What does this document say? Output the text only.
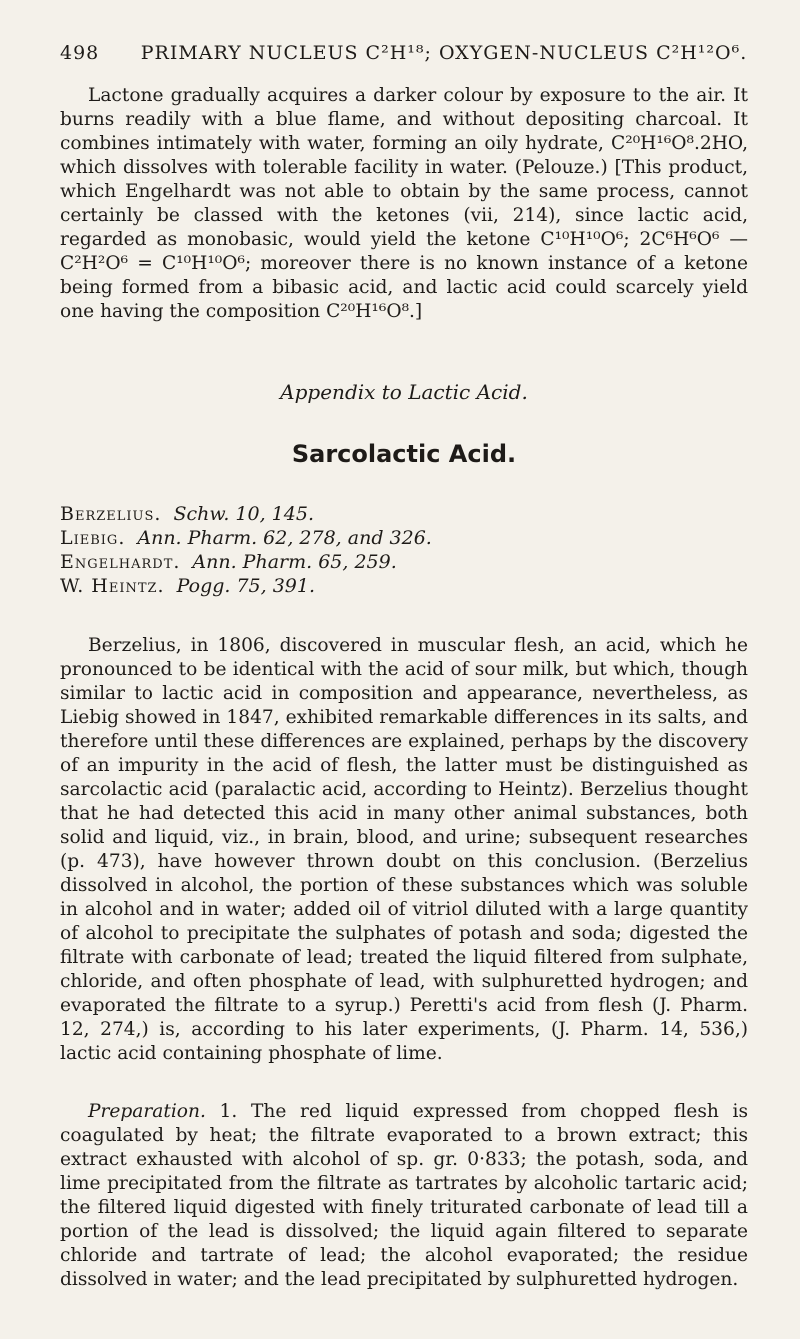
498	PRIMARY NUCLEUS C²H¹⁸; OXYGEN-NUCLEUS C²H¹²O⁶.

Lactone gradually acquires a darker colour by exposure to the air. It burns readily with a blue flame, and without depositing charcoal. It combines intimately with water, forming an oily hydrate, C²⁰H¹⁶O⁸.2HO, which dissolves with tolerable facility in water. (Pelouze.) [This product, which Engelhardt was not able to obtain by the same process, cannot certainly be classed with the ketones (vii, 214), since lactic acid, regarded as monobasic, would yield the ketone C¹⁰H¹⁰O⁶; 2C⁶H⁶O⁶ — C²H²O⁶ = C¹⁰H¹⁰O⁶; moreover there is no known instance of a ketone being formed from a bibasic acid, and lactic acid could scarcely yield one having the composition C²⁰H¹⁶O⁸.]

Appendix to Lactic Acid.
Sarcolactic Acid.
Berzelius. Schw. 10, 145.
Liebig. Ann. Pharm. 62, 278, and 326.
Engelhardt. Ann. Pharm. 65, 259.
W. Heintz. Pogg. 75, 391.

Berzelius, in 1806, discovered in muscular flesh, an acid, which he pronounced to be identical with the acid of sour milk, but which, though similar to lactic acid in composition and appearance, nevertheless, as Liebig showed in 1847, exhibited remarkable differences in its salts, and therefore until these differences are explained, perhaps by the discovery of an impurity in the acid of flesh, the latter must be distinguished as sarcolactic acid (paralactic acid, according to Heintz). Berzelius thought that he had detected this acid in many other animal substances, both solid and liquid, viz., in brain, blood, and urine; subsequent researches (p. 473), have however thrown doubt on this conclusion. (Berzelius dissolved in alcohol, the portion of these substances which was soluble in alcohol and in water; added oil of vitriol diluted with a large quantity of alcohol to precipitate the sulphates of potash and soda; digested the filtrate with carbonate of lead; treated the liquid filtered from sulphate, chloride, and often phosphate of lead, with sulphuretted hydrogen; and evaporated the filtrate to a syrup.) Peretti's acid from flesh (J. Pharm. 12, 274,) is, according to his later experiments, (J. Pharm. 14, 536,) lactic acid containing phosphate of lime.

Preparation. 1. The red liquid expressed from chopped flesh is coagulated by heat; the filtrate evaporated to a brown extract; this extract exhausted with alcohol of sp. gr. 0·833; the potash, soda, and lime precipitated from the filtrate as tartrates by alcoholic tartaric acid; the filtered liquid digested with finely triturated carbonate of lead till a portion of the lead is dissolved; the liquid again filtered to separate chloride and tartrate of lead; the alcohol evaporated; the residue dissolved in water; and the lead precipitated by sulphuretted hydrogen.
